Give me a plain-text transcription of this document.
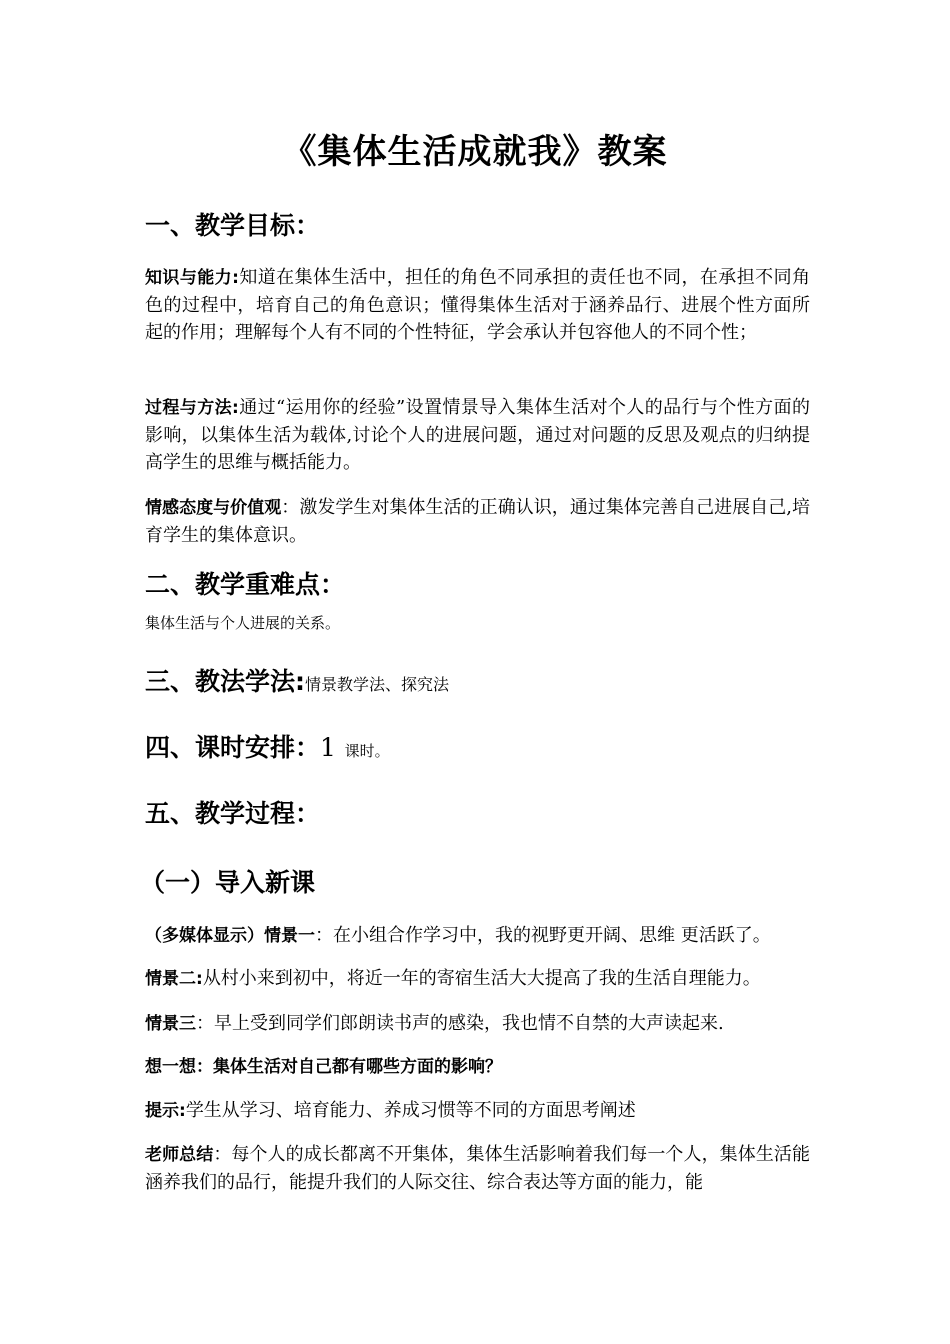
《集体生活成就我》教案
一、教学目标：
知识与能力:知道在集体生活中，担任的角色不同承担的责任也不同，在承担不同角色的过程中，培育自己的角色意识；懂得集体生活对于涵养品行、进展个性方面所起的作用；理解每个人有不同的个性特征，学会承认并包容他人的不同个性；
过程与方法:通过“运用你的经验”设置情景导入集体生活对个人的品行与个性方面的影响，以集体生活为载体,讨论个人的进展问题，通过对问题的反思及观点的归纳提高学生的思维与概括能力。
情感态度与价值观：激发学生对集体生活的正确认识，通过集体完善自己进展自己,培育学生的集体意识。
二、教学重难点：
集体生活与个人进展的关系。
三、教法学法:情景教学法、探究法
四、课时安排：1 课时。
五、教学过程：
（一）导入新课
（多媒体显示）情景一：在小组合作学习中，我的视野更开阔、思维 更活跃了。
情景二:从村小来到初中，将近一年的寄宿生活大大提高了我的生活自理能力。
情景三：早上受到同学们郎朗读书声的感染，我也情不自禁的大声读起来.
想一想：集体生活对自己都有哪些方面的影响？
提示:学生从学习、培育能力、养成习惯等不同的方面思考阐述
老师总结：每个人的成长都离不开集体，集体生活影响着我们每一个人，集体生活能涵养我们的品行，能提升我们的人际交往、综合表达等方面的能力，能
